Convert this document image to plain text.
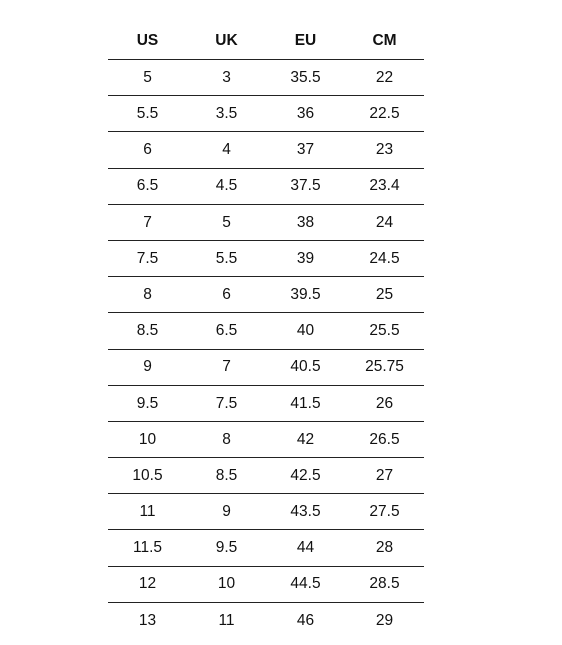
US	UK	EU	CM
5	3	35.5	22
5.5	3.5	36	22.5
6	4	37	23
6.5	4.5	37.5	23.4
7	5	38	24
7.5	5.5	39	24.5
8	6	39.5	25
8.5	6.5	40	25.5
9	7	40.5	25.75
9.5	7.5	41.5	26
10	8	42	26.5
10.5	8.5	42.5	27
11	9	43.5	27.5
11.5	9.5	44	28
12	10	44.5	28.5
13	11	46	29
